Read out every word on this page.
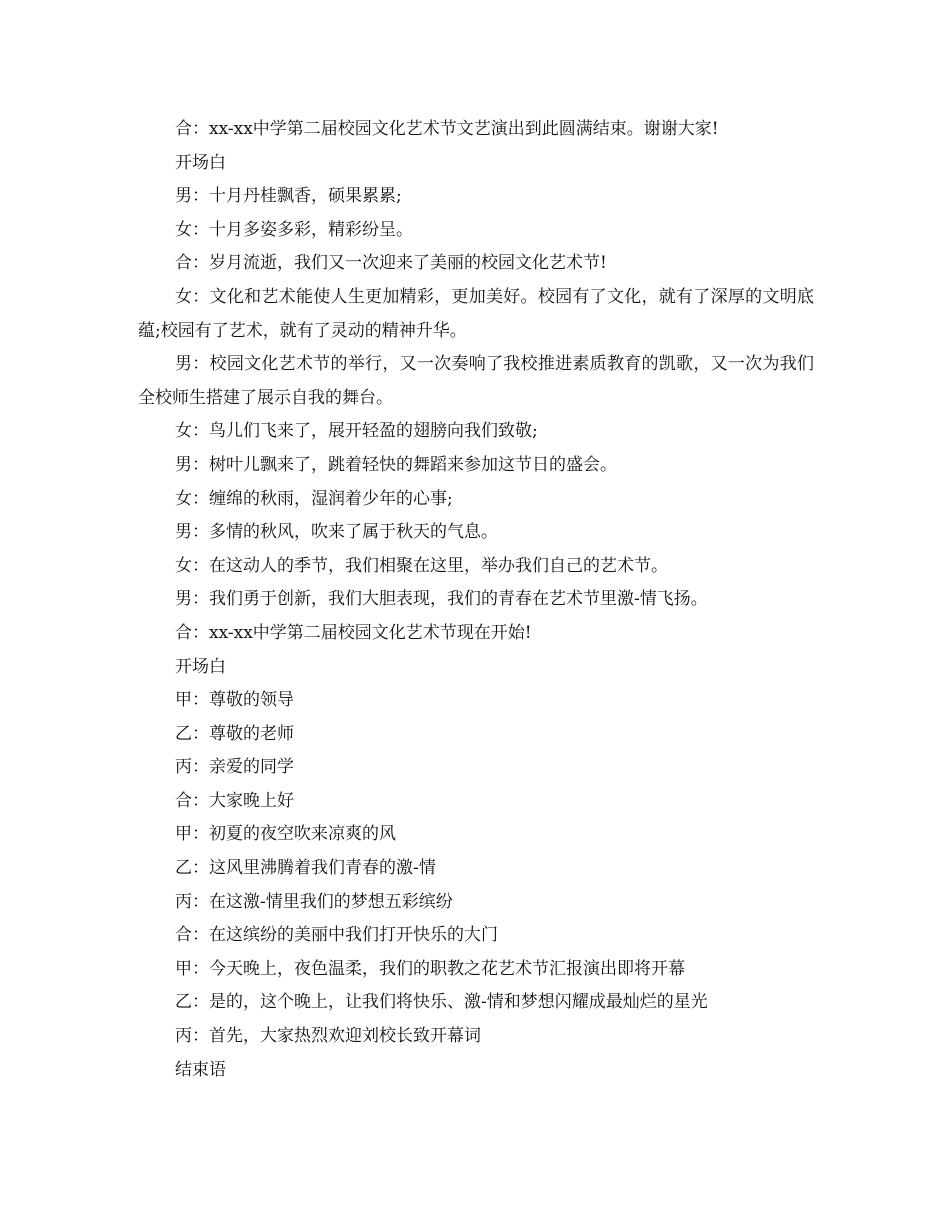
合：xx-xx中学第二届校园文化艺术节文艺演出到此圆满结束。谢谢大家!

开场白

男：十月丹桂飘香，硕果累累;

女：十月多姿多彩，精彩纷呈。

合：岁月流逝，我们又一次迎来了美丽的校园文化艺术节!

女：文化和艺术能使人生更加精彩，更加美好。校园有了文化，就有了深厚的文明底蕴;校园有了艺术，就有了灵动的精神升华。

男：校园文化艺术节的举行，又一次奏响了我校推进素质教育的凯歌，又一次为我们全校师生搭建了展示自我的舞台。

女：鸟儿们飞来了，展开轻盈的翅膀向我们致敬;

男：树叶儿飘来了，跳着轻快的舞蹈来参加这节日的盛会。

女：缠绵的秋雨，湿润着少年的心事;

男：多情的秋风，吹来了属于秋天的气息。

女：在这动人的季节，我们相聚在这里，举办我们自己的艺术节。

男：我们勇于创新，我们大胆表现，我们的青春在艺术节里激-情飞扬。

合：xx-xx中学第二届校园文化艺术节现在开始!

开场白

甲：尊敬的领导

乙：尊敬的老师

丙：亲爱的同学

合：大家晚上好

甲：初夏的夜空吹来凉爽的风

乙：这风里沸腾着我们青春的激-情

丙：在这激-情里我们的梦想五彩缤纷

合：在这缤纷的美丽中我们打开快乐的大门

甲：今天晚上，夜色温柔，我们的职教之花艺术节汇报演出即将开幕

乙：是的，这个晚上，让我们将快乐、激-情和梦想闪耀成最灿烂的星光

丙：首先，大家热烈欢迎刘校长致开幕词

结束语
